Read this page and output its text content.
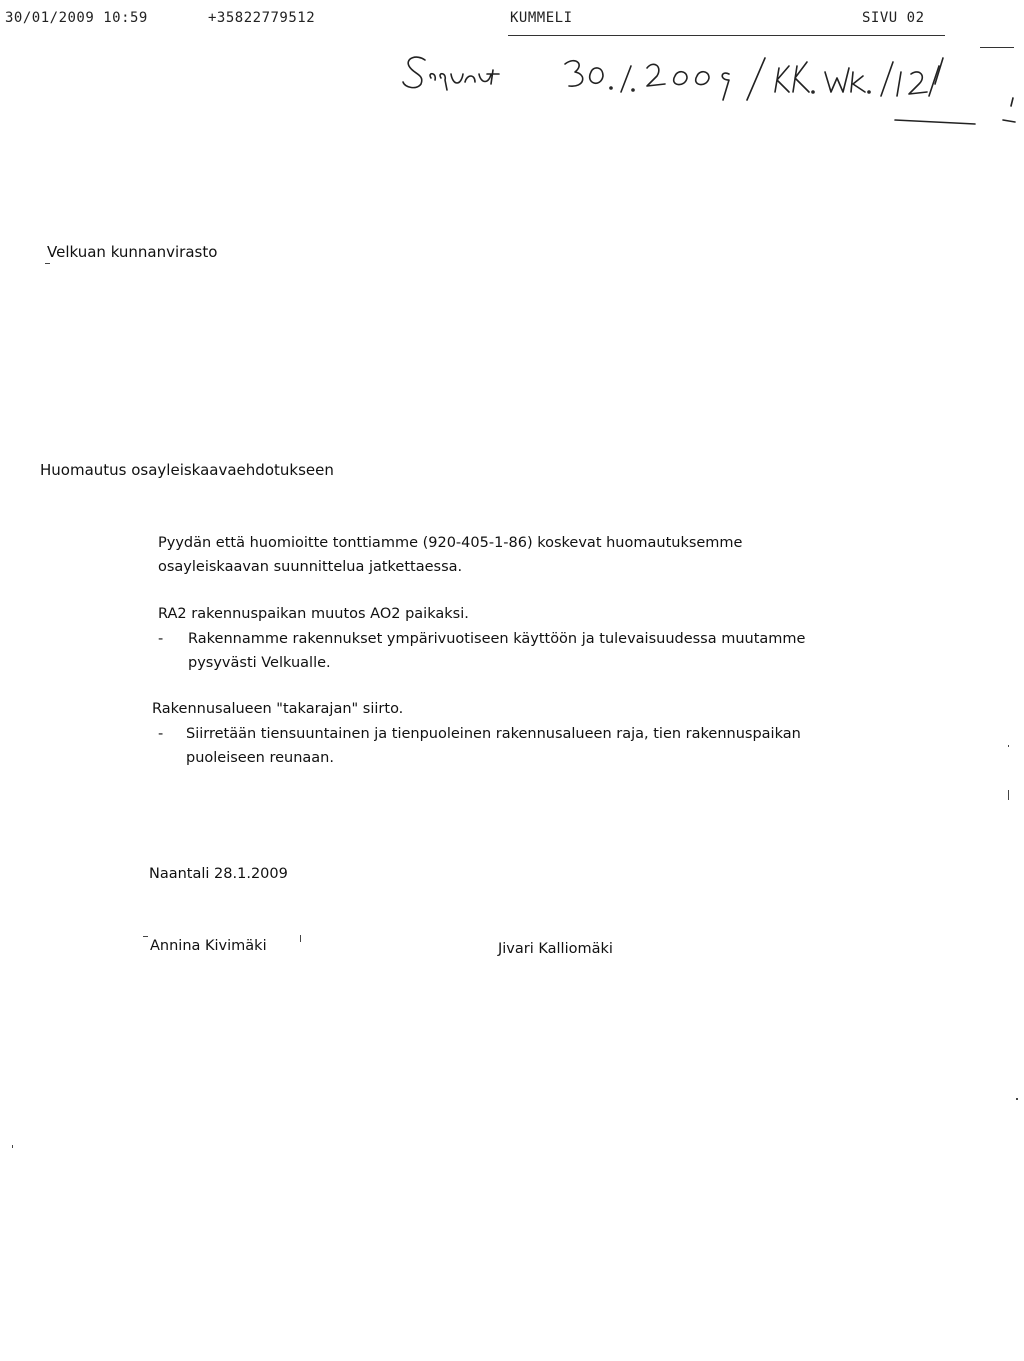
30/01/2009 10:59	+358227795​12	KUMMELI	SIVU 02
Velkuan kunnanvirasto
Huomautus osayleiskaavaehdotukseen
Pyydän että huomioitte tonttiamme (920-405-1-86) koskevat huomautuksemme
osayleiskaavan suunnittelua jatkettaessa.
RA2 rakennuspaikan muutos AO2 paikaksi.
- Rakennamme rakennukset ympärivuotiseen käyttöön ja tulevaisuudessa muutamme
pysyvästi Velkualle.
Rakennusalueen "takarajan" siirto.
- Siirretään tiensuuntainen ja tienpuoleinen rakennusalueen raja, tien rakennuspaikan
puoleiseen reunaan.
Naantali 28.1.2009
Annina Kivimäki	Jivari Kalliomäki
